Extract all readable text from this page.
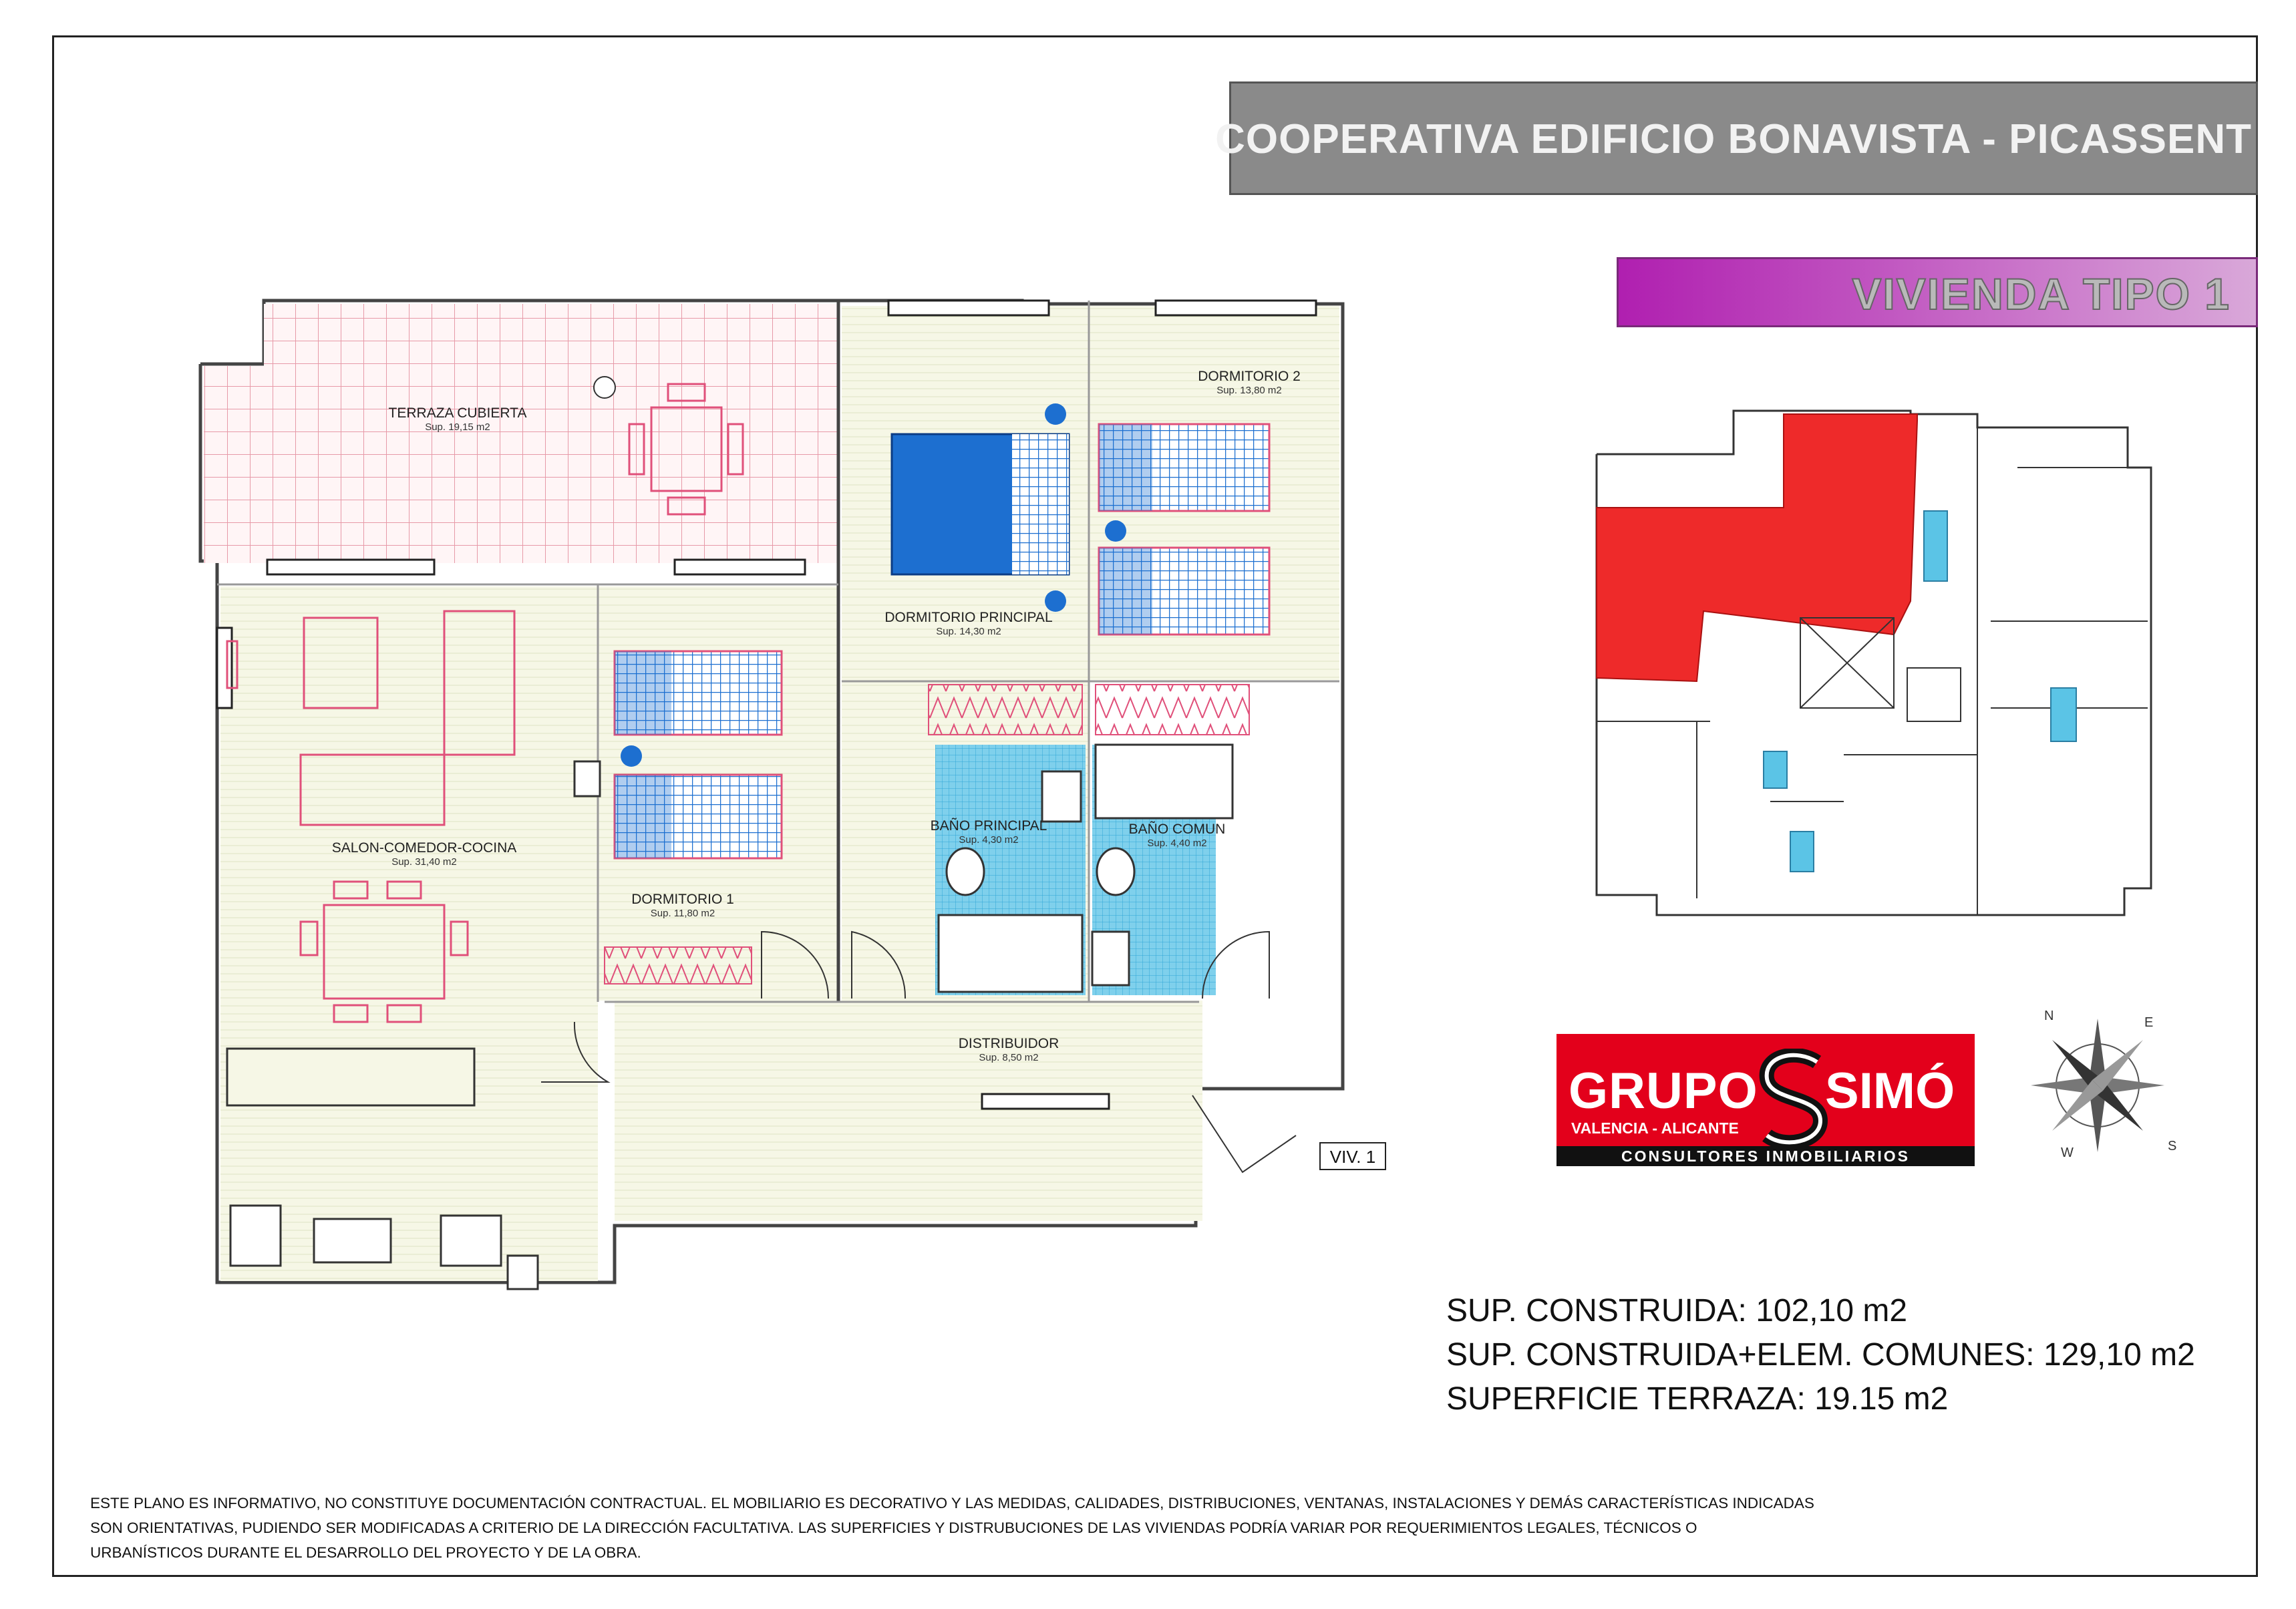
COOPERATIVA EDIFICIO BONAVISTA - PICASSENT
VIVIENDA TIPO 1
TERRAZA CUBIERTA
Sup. 19,15 m2
DORMITORIO 2
Sup. 13,80 m2
DORMITORIO PRINCIPAL
Sup. 14,30 m2
SALON-COMEDOR-COCINA
Sup. 31,40 m2
BAÑO PRINCIPAL
Sup. 4,30 m2
BAÑO COMUN
Sup. 4,40 m2
DORMITORIO 1
Sup. 11,80 m2
DISTRIBUIDOR
Sup. 8,50 m2
VIV. 1
N	E
S
W
GRUPO SIMÓ
VALENCIA - ALICANTE
CONSULTORES INMOBILIARIOS
SUP. CONSTRUIDA: 102,10 m2
SUP. CONSTRUIDA+ELEM. COMUNES: 129,10 m2
SUPERFICIE TERRAZA: 19.15 m2
ESTE PLANO ES INFORMATIVO, NO CONSTITUYE DOCUMENTACIÓN CONTRACTUAL. EL MOBILIARIO ES DECORATIVO Y LAS MEDIDAS, CALIDADES, DISTRIBUCIONES, VENTANAS, INSTALACIONES Y DEMÁS CARACTERÍSTICAS INDICADAS
SON ORIENTATIVAS, PUDIENDO SER MODIFICADAS A CRITERIO DE LA DIRECCIÓN FACULTATIVA. LAS SUPERFICIES Y DISTRUBUCIONES DE LAS VIVIENDAS PODRÍA VARIAR POR REQUERIMIENTOS LEGALES, TÉCNICOS O
URBANÍSTICOS DURANTE EL DESARROLLO DEL PROYECTO Y DE LA OBRA.
